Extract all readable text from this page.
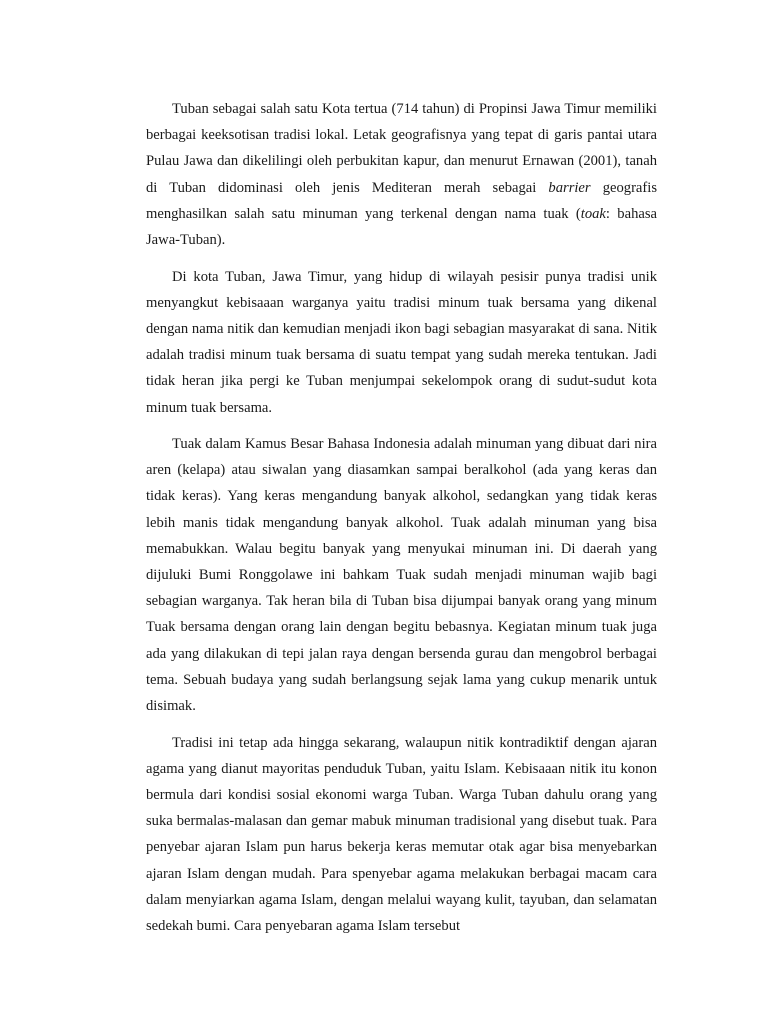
Tuban sebagai salah satu Kota tertua (714 tahun) di Propinsi Jawa Timur memiliki berbagai keeksotisan tradisi lokal. Letak geografisnya yang tepat di garis pantai utara Pulau Jawa dan dikelilingi oleh perbukitan kapur, dan menurut Ernawan (2001), tanah di Tuban didominasi oleh jenis Mediteran merah sebagai barrier geografis menghasilkan salah satu minuman yang terkenal dengan nama tuak (toak: bahasa Jawa-Tuban).

Di kota Tuban, Jawa Timur, yang hidup di wilayah pesisir punya tradisi unik menyangkut kebisaaan warganya yaitu tradisi minum tuak bersama yang dikenal dengan nama nitik dan kemudian menjadi ikon bagi sebagian masyarakat di sana. Nitik adalah tradisi minum tuak bersama di suatu tempat yang sudah mereka tentukan. Jadi tidak heran jika pergi ke Tuban menjumpai sekelompok orang di sudut-sudut kota minum tuak bersama.

Tuak dalam Kamus Besar Bahasa Indonesia adalah minuman yang dibuat dari nira aren (kelapa) atau siwalan yang diasamkan sampai beralkohol (ada yang keras dan tidak keras). Yang keras mengandung banyak alkohol, sedangkan yang tidak keras lebih manis tidak mengandung banyak alkohol. Tuak adalah minuman yang bisa memabukkan. Walau begitu banyak yang menyukai minuman ini. Di daerah yang dijuluki Bumi Ronggolawe ini bahkam Tuak sudah menjadi minuman wajib bagi sebagian warganya. Tak heran bila di Tuban bisa dijumpai banyak orang yang minum Tuak bersama dengan orang lain dengan begitu bebasnya. Kegiatan minum tuak juga ada yang dilakukan di tepi jalan raya dengan bersenda gurau dan mengobrol berbagai tema. Sebuah budaya yang sudah berlangsung sejak lama yang cukup menarik untuk disimak.

Tradisi ini tetap ada hingga sekarang, walaupun nitik kontradiktif dengan ajaran agama yang dianut mayoritas penduduk Tuban, yaitu Islam. Kebisaaan nitik itu konon bermula dari kondisi sosial ekonomi warga Tuban. Warga Tuban dahulu orang yang suka bermalas-malasan dan gemar mabuk minuman tradisional yang disebut tuak. Para penyebar ajaran Islam pun harus bekerja keras memutar otak agar bisa menyebarkan ajaran Islam dengan mudah. Para spenyebar agama melakukan berbagai macam cara dalam menyiarkan agama Islam, dengan melalui wayang kulit, tayuban, dan selamatan sedekah bumi. Cara penyebaran agama Islam tersebut
